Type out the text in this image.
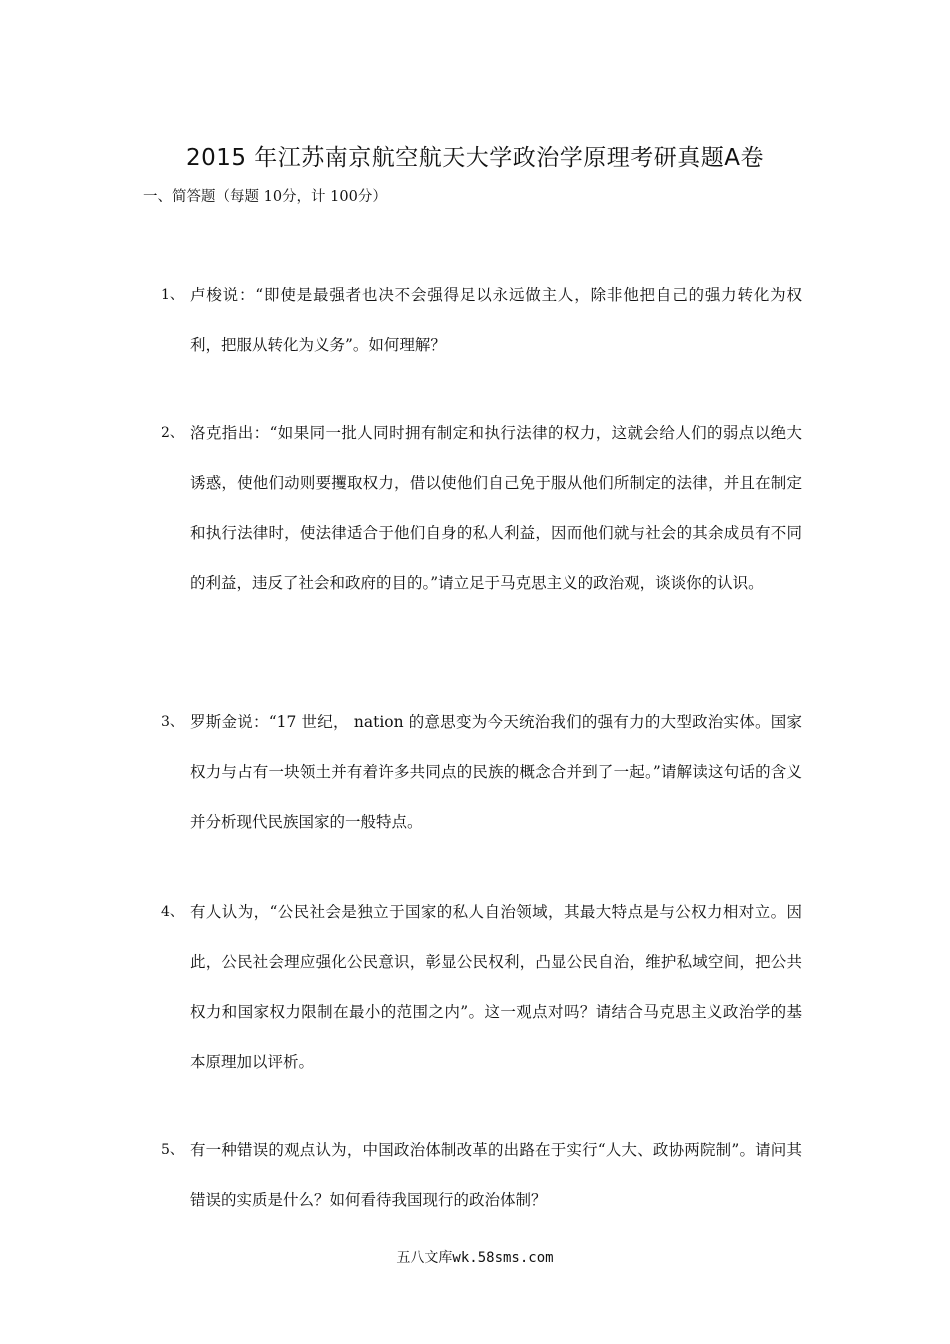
2015 年江苏南京航空航天大学政治学原理考研真题A卷
一、简答题（每题 10分，计 100分）
1、 卢梭说：“即使是最强者也决不会强得足以永远做主人，除非他把自己的强力转化为权利，把服从转化为义务”。如何理解？
2、 洛克指出：“如果同一批人同时拥有制定和执行法律的权力，这就会给人们的弱点以绝大诱惑，使他们动则要攫取权力，借以使他们自己免于服从他们所制定的法律，并且在制定和执行法律时，使法律适合于他们自身的私人利益，因而他们就与社会的其余成员有不同的利益，违反了社会和政府的目的。”请立足于马克思主义的政治观，谈谈你的认识。
3、 罗斯金说：“17 世纪， nation 的意思变为今天统治我们的强有力的大型政治实体。国家权力与占有一块领土并有着许多共同点的民族的概念合并到了一起。”请解读这句话的含义并分析现代民族国家的一般特点。
4、 有人认为，“公民社会是独立于国家的私人自治领域，其最大特点是与公权力相对立。因此，公民社会理应强化公民意识，彰显公民权利，凸显公民自治，维护私域空间，把公共权力和国家权力限制在最小的范围之内”。这一观点对吗？请结合马克思主义政治学的基本原理加以评析。
5、 有一种错误的观点认为，中国政治体制改革的出路在于实行“人大、政协两院制”。请问其错误的实质是什么？如何看待我国现行的政治体制？
五八文库wk.58sms.com
